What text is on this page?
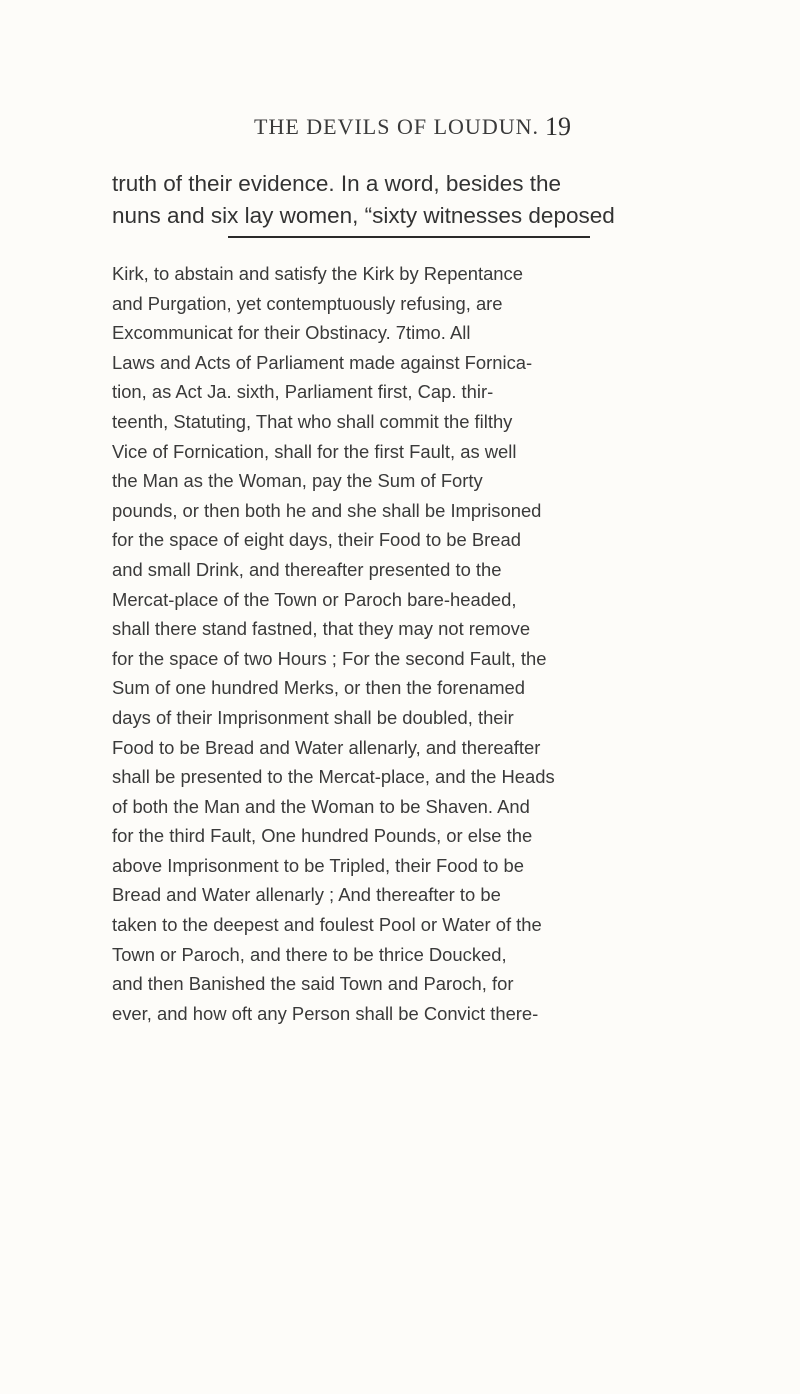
THE DEVILS OF LOUDUN. 19
truth of their evidence. In a word, besides the
nuns and six lay women, “sixty witnesses deposed
Kirk, to abstain and satisfy the Kirk by Repentance
and Purgation, yet contemptuously refusing, are
Excommunicat for their Obstinacy. 7timo. All
Laws and Acts of Parliament made against Fornica-
tion, as Act Ja. sixth, Parliament first, Cap. thir-
teenth, Statuting, That who shall commit the filthy
Vice of Fornication, shall for the first Fault, as well
the Man as the Woman, pay the Sum of Forty
pounds, or then both he and she shall be Imprisoned
for the space of eight days, their Food to be Bread
and small Drink, and thereafter presented to the
Mercat-place of the Town or Paroch bare-headed,
shall there stand fastned, that they may not remove
for the space of two Hours ; For the second Fault, the
Sum of one hundred Merks, or then the forenamed
days of their Imprisonment shall be doubled, their
Food to be Bread and Water allenarly, and thereafter
shall be presented to the Mercat-place, and the Heads
of both the Man and the Woman to be Shaven. And
for the third Fault, One hundred Pounds, or else the
above Imprisonment to be Tripled, their Food to be
Bread and Water allenarly ; And thereafter to be
taken to the deepest and foulest Pool or Water of the
Town or Paroch, and there to be thrice Doucked,
and then Banished the said Town and Paroch, for
ever, and how oft any Person shall be Convict there-
